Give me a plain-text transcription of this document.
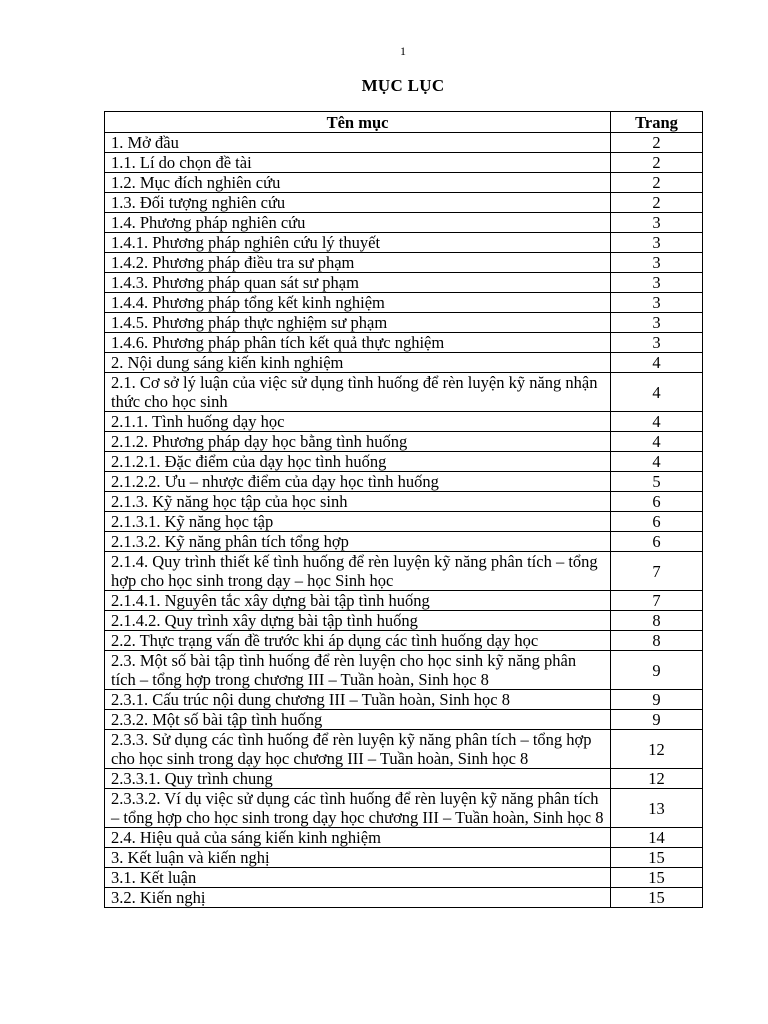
1
MỤC LỤC
Tên mục	Trang
1. Mở đầu	2
1.1. Lí do chọn đề tài	2
1.2. Mục đích nghiên cứu	2
1.3. Đối tượng nghiên cứu	2
1.4. Phương pháp nghiên cứu	3
1.4.1. Phương pháp nghiên cứu lý thuyết	3
1.4.2. Phương pháp điều tra sư phạm	3
1.4.3. Phương pháp quan sát sư phạm	3
1.4.4. Phương pháp tổng kết kinh nghiệm	3
1.4.5. Phương pháp thực nghiệm sư phạm	3
1.4.6. Phương pháp phân tích kết quả thực nghiệm	3
2. Nội dung sáng kiến kinh nghiệm	4
2.1. Cơ sở lý luận của việc sử dụng tình huống để rèn luyện kỹ năng nhận thức cho học sinh	4
2.1.1. Tình huống dạy học	4
2.1.2. Phương pháp dạy học bằng tình huống	4
2.1.2.1. Đặc điểm của dạy học tình huống	4
2.1.2.2. Ưu – nhược điểm của dạy học tình huống	5
2.1.3. Kỹ năng học tập của học sinh	6
2.1.3.1. Kỹ năng học tập	6
2.1.3.2. Kỹ năng phân tích tổng hợp	6
2.1.4. Quy trình thiết kế tình huống để rèn luyện kỹ năng phân tích – tổng hợp cho học sinh trong dạy – học Sinh học	7
2.1.4.1. Nguyên tắc xây dựng bài tập tình huống	7
2.1.4.2. Quy trình xây dựng bài tập tình huống	8
2.2. Thực trạng vấn đề trước khi áp dụng các tình huống dạy học	8
2.3. Một số bài tập tình huống để rèn luyện cho học sinh kỹ năng phân tích – tổng hợp trong chương III – Tuần hoàn, Sinh học 8	9
2.3.1. Cấu trúc nội dung chương III – Tuần hoàn, Sinh học 8	9
2.3.2. Một số bài tập tình huống	9
2.3.3. Sử dụng các tình huống để rèn luyện kỹ năng phân tích – tổng hợp cho học sinh trong dạy học chương III – Tuần hoàn, Sinh học 8	12
2.3.3.1. Quy trình chung	12
2.3.3.2. Ví dụ việc sử dụng các tình huống để rèn luyện kỹ năng phân tích – tổng hợp cho học sinh trong dạy học chương III – Tuần hoàn, Sinh học 8	13
2.4. Hiệu quả của sáng kiến kinh nghiệm	14
3. Kết luận và kiến nghị	15
3.1. Kết luận	15
3.2. Kiến nghị	15
